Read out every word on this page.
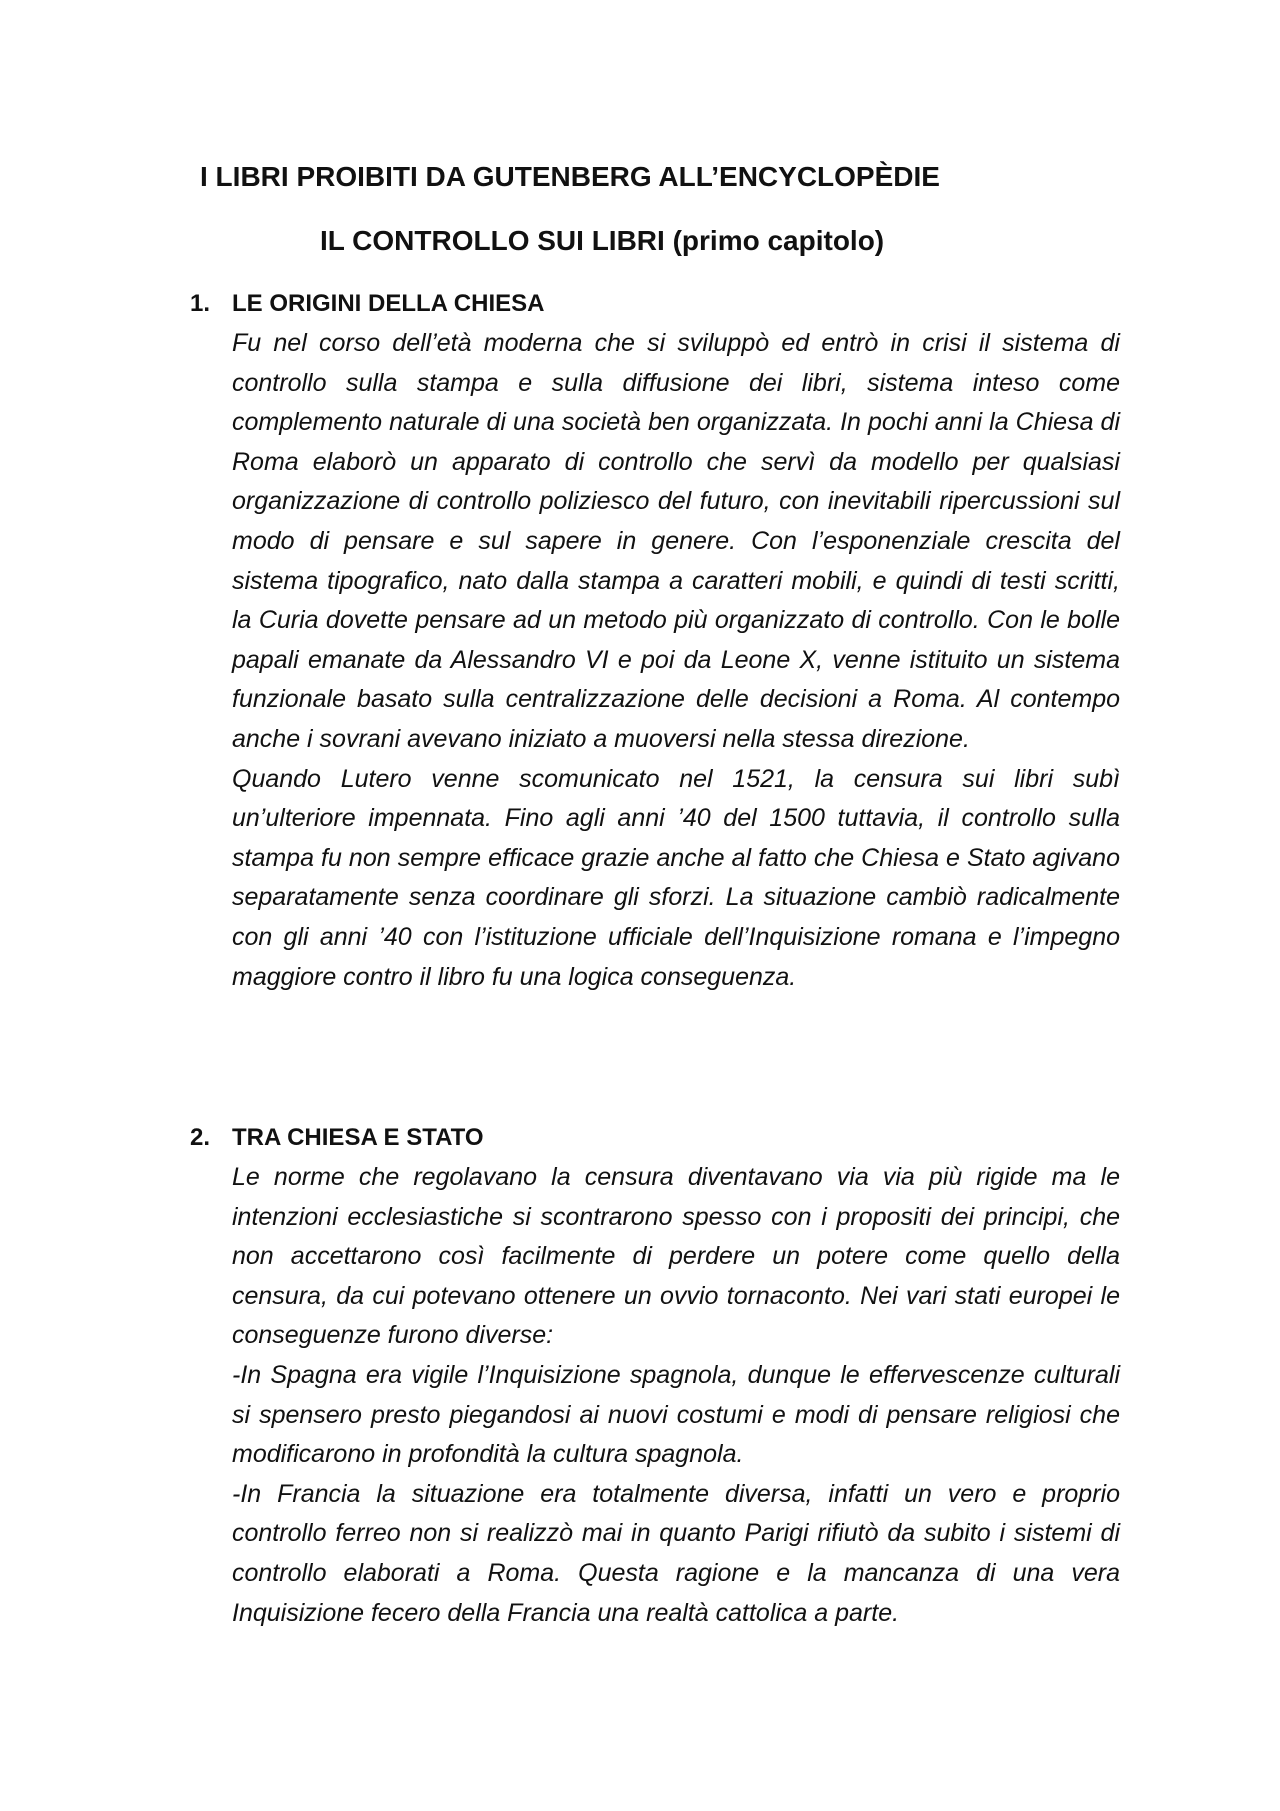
I LIBRI PROIBITI DA GUTENBERG ALL’ENCYCLOPÈDIE
IL CONTROLLO SUI LIBRI (primo capitolo)
1. LE ORIGINI DELLA CHIESA

Fu nel corso dell’età moderna che si sviluppò ed entrò in crisi il sistema di controllo sulla stampa e sulla diffusione dei libri, sistema inteso come complemento naturale di una società ben organizzata. In pochi anni la Chiesa di Roma elaborò un apparato di controllo che servì da modello per qualsiasi organizzazione di controllo poliziesco del futuro, con inevitabili ripercussioni sul modo di pensare e sul sapere in genere. Con l’esponenziale crescita del sistema tipografico, nato dalla stampa a caratteri mobili, e quindi di testi scritti, la Curia dovette pensare ad un metodo più organizzato di controllo. Con le bolle papali emanate da Alessandro VI e poi da Leone X, venne istituito un sistema funzionale basato sulla centralizzazione delle decisioni a Roma. Al contempo anche i sovrani avevano iniziato a muoversi nella stessa direzione.

Quando Lutero venne scomunicato nel 1521, la censura sui libri subì un’ulteriore impennata. Fino agli anni ’40 del 1500 tuttavia, il controllo sulla stampa fu non sempre efficace grazie anche al fatto che Chiesa e Stato agivano separatamente senza coordinare gli sforzi. La situazione cambiò radicalmente con gli anni ’40 con l’istituzione ufficiale dell’Inquisizione romana e l’impegno maggiore contro il libro fu una logica conseguenza.

2. TRA CHIESA E STATO

Le norme che regolavano la censura diventavano via via più rigide ma le intenzioni ecclesiastiche si scontrarono spesso con i propositi dei principi, che non accettarono così facilmente di perdere un potere come quello della censura, da cui potevano ottenere un ovvio tornaconto. Nei vari stati europei le conseguenze furono diverse:

-In Spagna era vigile l’Inquisizione spagnola, dunque le effervescenze culturali si spensero presto piegandosi ai nuovi costumi e modi di pensare religiosi che modificarono in profondità la cultura spagnola.

-In Francia la situazione era totalmente diversa, infatti un vero e proprio controllo ferreo non si realizzò mai in quanto Parigi rifiutò da subito i sistemi di controllo elaborati a Roma. Questa ragione e la mancanza di una vera Inquisizione fecero della Francia una realtà cattolica a parte.
